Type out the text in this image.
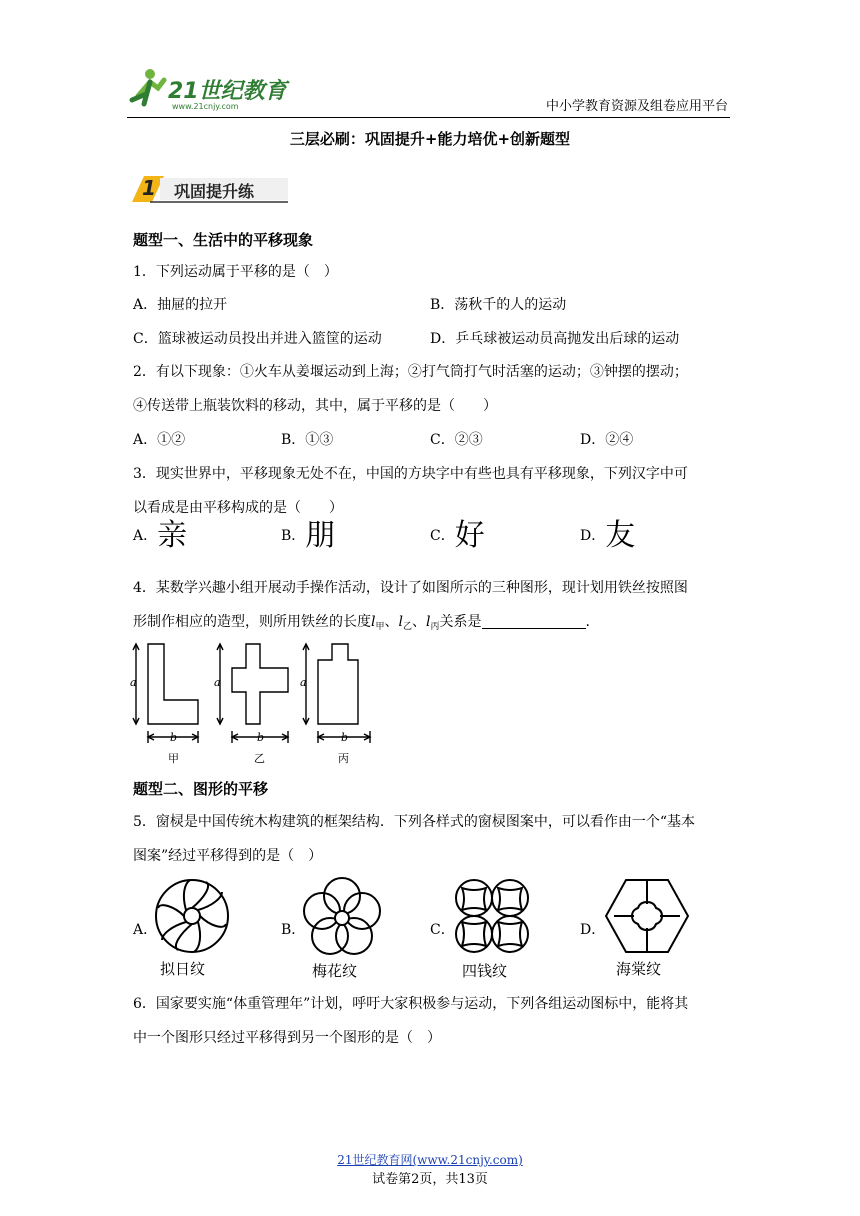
21世纪教育
www.21cnjy.com	中小学教育资源及组卷应用平台
三层必刷：巩固提升+能力培优+创新题型
1 巩固提升练
题型一、生活中的平移现象
1．下列运动属于平移的是（　）
A．抽屉的拉开	B．荡秋千的人的运动
C．篮球被运动员投出并进入篮筐的运动	D．乒乓球被运动员高抛发出后球的运动
2．有以下现象：①火车从姜堰运动到上海；②打气筒打气时活塞的运动；③钟摆的摆动；
④传送带上瓶装饮料的移动，其中，属于平移的是（　　）
A．①②	B．①③	C．②③	D．②④
3．现实世界中，平移现象无处不在，中国的方块字中有些也具有平移现象，下列汉字中可
以看成是由平移构成的是（　　）
A．亲	B．朋	C．好	D．友
4．某数学兴趣小组开展动手操作活动，设计了如图所示的三种图形，现计划用铁丝按照图
形制作相应的造型，则所用铁丝的长度$l_甲$、$l_乙$、$l_丙$关系是	.
a	a	a
b	b	b
甲	乙	丙
题型二、图形的平移
5．窗棂是中国传统木构建筑的框架结构．下列各样式的窗棂图案中，可以看作由一个“基本
图案”经过平移得到的是（　）
A．	B．	C．	D．
拟日纹	梅花纹	四钱纹	海棠纹
6．国家要实施“体重管理年”计划，呼吁大家积极参与运动，下列各组运动图标中，能将其
中一个图形只经过平移得到另一个图形的是（　）
21世纪教育网(www.21cnjy.com)
试卷第2页，共13页
